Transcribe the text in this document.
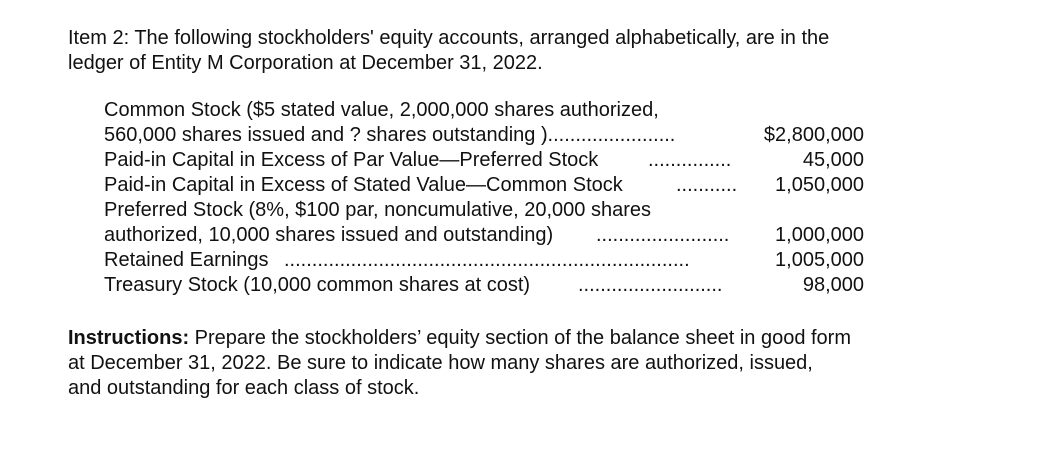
Item 2: The following stockholders' equity accounts, arranged alphabetically, are in the

ledger of Entity M Corporation at December 31, 2022.

Common Stock ($5 stated value, 2,000,000 shares authorized,
560,000 shares issued and ? shares outstanding )
........................	$2,800,000
Paid-in Capital in Excess of Par Value—Preferred Stock ...............	45,000
Paid-in Capital in Excess of Stated Value—Common Stock	...........	1,050,000
Preferred Stock (8%, $100 par, noncumulative, 20,000 shares
authorized, 10,000 shares issued and outstanding) ........................	1,000,000
Retained Earnings .........................................................................	1,005,000
Treasury Stock (10,000 common shares at cost) ..........................	98,000

Instructions: Prepare the stockholders’ equity section of the balance sheet in good form

at December 31, 2022. Be sure to indicate how many shares are authorized, issued,

and outstanding for each class of stock.
